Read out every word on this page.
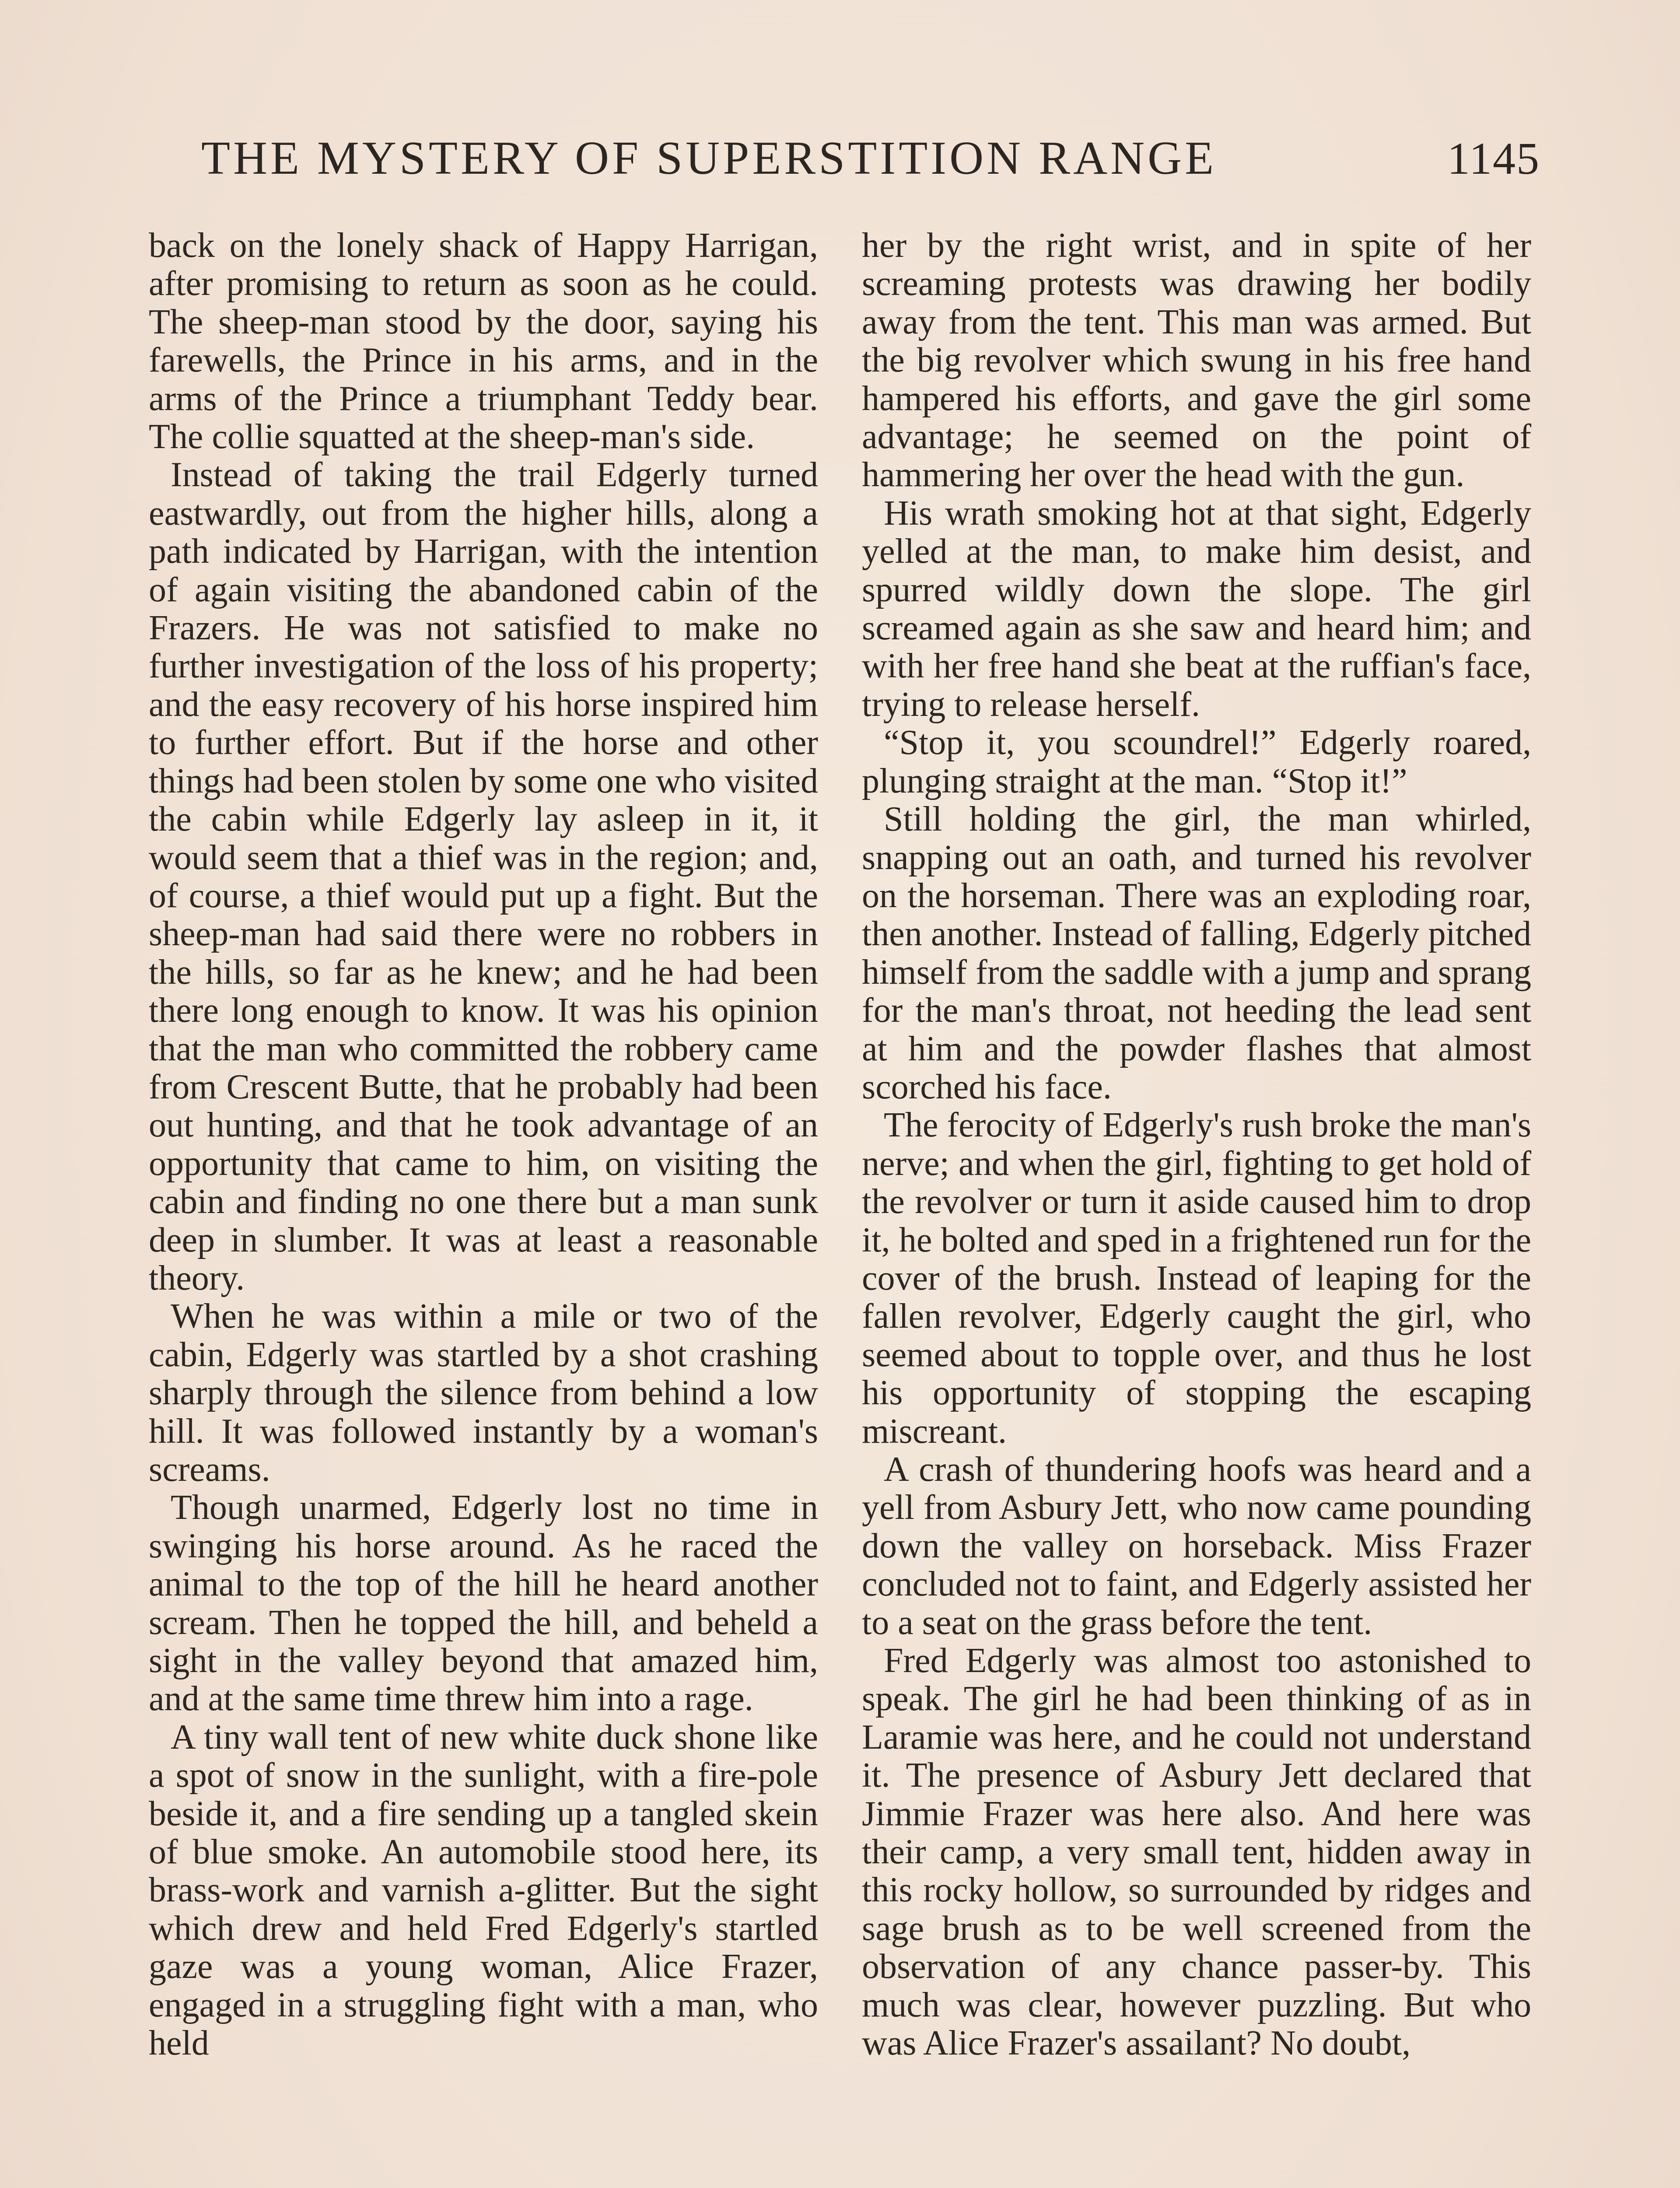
THE MYSTERY OF SUPERSTITION RANGE	1145

back on the lonely shack of Happy Harrigan, after promising to return as soon as he could. The sheep-man stood by the door, saying his farewells, the Prince in his arms, and in the arms of the Prince a triumphant Teddy bear. The collie squatted at the sheep-man's side.

Instead of taking the trail Edgerly turned eastwardly, out from the higher hills, along a path indicated by Harrigan, with the intention of again visiting the abandoned cabin of the Frazers. He was not satisfied to make no further investigation of the loss of his property; and the easy recovery of his horse inspired him to further effort. But if the horse and other things had been stolen by some one who visited the cabin while Edgerly lay asleep in it, it would seem that a thief was in the region; and, of course, a thief would put up a fight. But the sheep-man had said there were no robbers in the hills, so far as he knew; and he had been there long enough to know. It was his opinion that the man who committed the robbery came from Crescent Butte, that he probably had been out hunting, and that he took advantage of an opportunity that came to him, on visiting the cabin and finding no one there but a man sunk deep in slumber. It was at least a reasonable theory.

When he was within a mile or two of the cabin, Edgerly was startled by a shot crashing sharply through the silence from behind a low hill. It was followed instantly by a woman's screams.

Though unarmed, Edgerly lost no time in swinging his horse around. As he raced the animal to the top of the hill he heard another scream. Then he topped the hill, and beheld a sight in the valley beyond that amazed him, and at the same time threw him into a rage.

A tiny wall tent of new white duck shone like a spot of snow in the sunlight, with a fire-pole beside it, and a fire sending up a tangled skein of blue smoke. An automobile stood here, its brass-work and varnish a-glitter. But the sight which drew and held Fred Edgerly's startled gaze was a young woman, Alice Frazer, engaged in a struggling fight with a man, who held

her by the right wrist, and in spite of her screaming protests was drawing her bodily away from the tent. This man was armed. But the big revolver which swung in his free hand hampered his efforts, and gave the girl some advantage; he seemed on the point of hammering her over the head with the gun.

His wrath smoking hot at that sight, Edgerly yelled at the man, to make him desist, and spurred wildly down the slope. The girl screamed again as she saw and heard him; and with her free hand she beat at the ruffian's face, trying to release herself.

“Stop it, you scoundrel!” Edgerly roared, plunging straight at the man. “Stop it!”

Still holding the girl, the man whirled, snapping out an oath, and turned his revolver on the horseman. There was an exploding roar, then another. Instead of falling, Edgerly pitched himself from the saddle with a jump and sprang for the man's throat, not heeding the lead sent at him and the powder flashes that almost scorched his face.

The ferocity of Edgerly's rush broke the man's nerve; and when the girl, fighting to get hold of the revolver or turn it aside caused him to drop it, he bolted and sped in a frightened run for the cover of the brush. Instead of leaping for the fallen revolver, Edgerly caught the girl, who seemed about to topple over, and thus he lost his opportunity of stopping the escaping miscreant.

A crash of thundering hoofs was heard and a yell from Asbury Jett, who now came pounding down the valley on horseback. Miss Frazer concluded not to faint, and Edgerly assisted her to a seat on the grass before the tent.

Fred Edgerly was almost too astonished to speak. The girl he had been thinking of as in Laramie was here, and he could not understand it. The presence of Asbury Jett declared that Jimmie Frazer was here also. And here was their camp, a very small tent, hidden away in this rocky hollow, so surrounded by ridges and sage brush as to be well screened from the observation of any chance passer-by. This much was clear, however puzzling. But who was Alice Frazer's assailant? No doubt,
